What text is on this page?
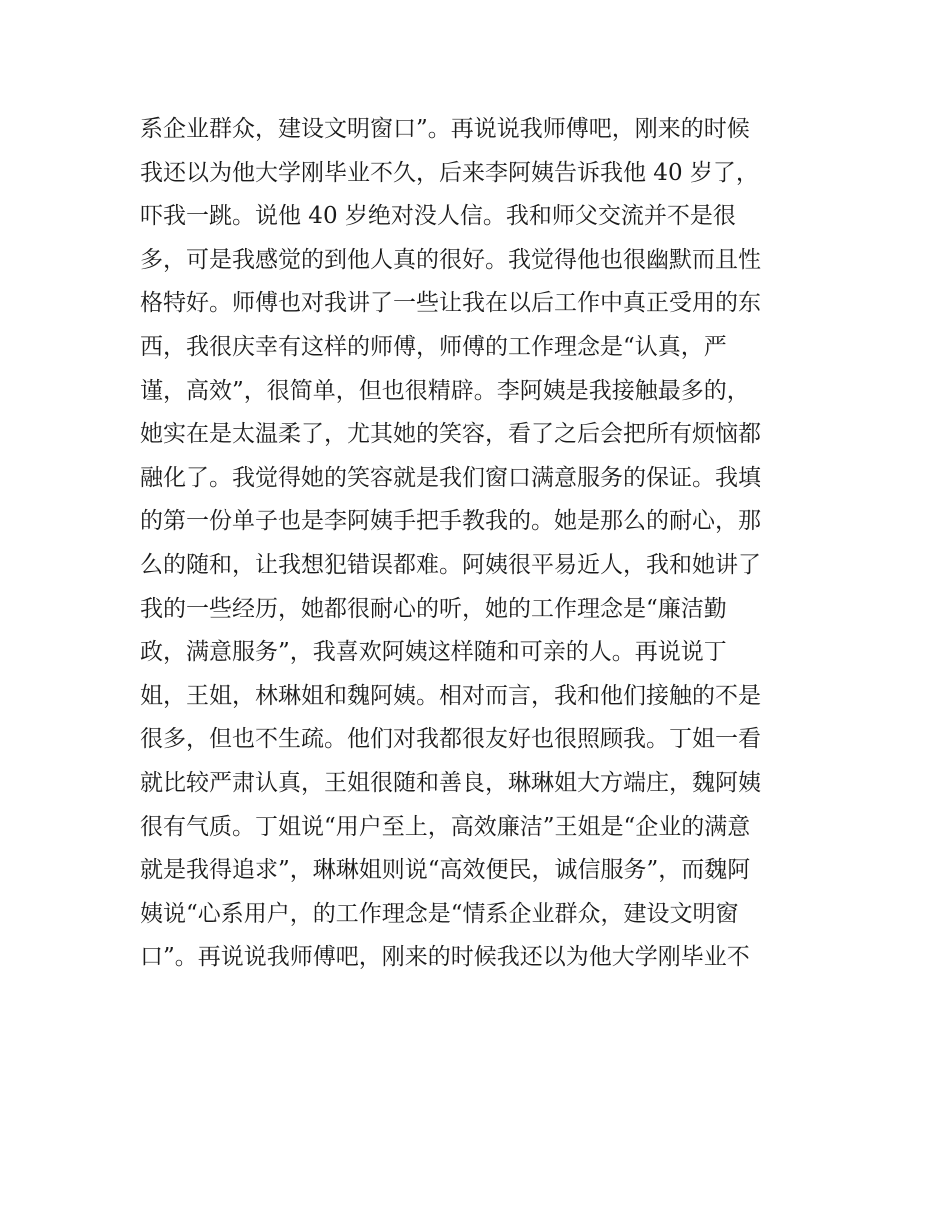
系企业群众，建设文明窗口”。再说说我师傅吧，刚来的时候
我还以为他大学刚毕业不久，后来李阿姨告诉我他 40 岁了，
吓我一跳。说他 40 岁绝对没人信。我和师父交流并不是很
多，可是我感觉的到他人真的很好。我觉得他也很幽默而且性
格特好。师傅也对我讲了一些让我在以后工作中真正受用的东
西，我很庆幸有这样的师傅，师傅的工作理念是“认真，严
谨，高效”，很简单，但也很精辟。李阿姨是我接触最多的，
她实在是太温柔了，尤其她的笑容，看了之后会把所有烦恼都
融化了。我觉得她的笑容就是我们窗口满意服务的保证。我填
的第一份单子也是李阿姨手把手教我的。她是那么的耐心，那
么的随和，让我想犯错误都难。阿姨很平易近人，我和她讲了
我的一些经历，她都很耐心的听，她的工作理念是“廉洁勤
政，满意服务”，我喜欢阿姨这样随和可亲的人。再说说丁
姐，王姐，林琳姐和魏阿姨。相对而言，我和他们接触的不是
很多，但也不生疏。他们对我都很友好也很照顾我。丁姐一看
就比较严肃认真，王姐很随和善良，琳琳姐大方端庄，魏阿姨
很有气质。丁姐说“用户至上，高效廉洁”王姐是“企业的满意
就是我得追求”，琳琳姐则说“高效便民，诚信服务”，而魏阿
姨说“心系用户，的工作理念是“情系企业群众，建设文明窗
口”。再说说我师傅吧，刚来的时候我还以为他大学刚毕业不
